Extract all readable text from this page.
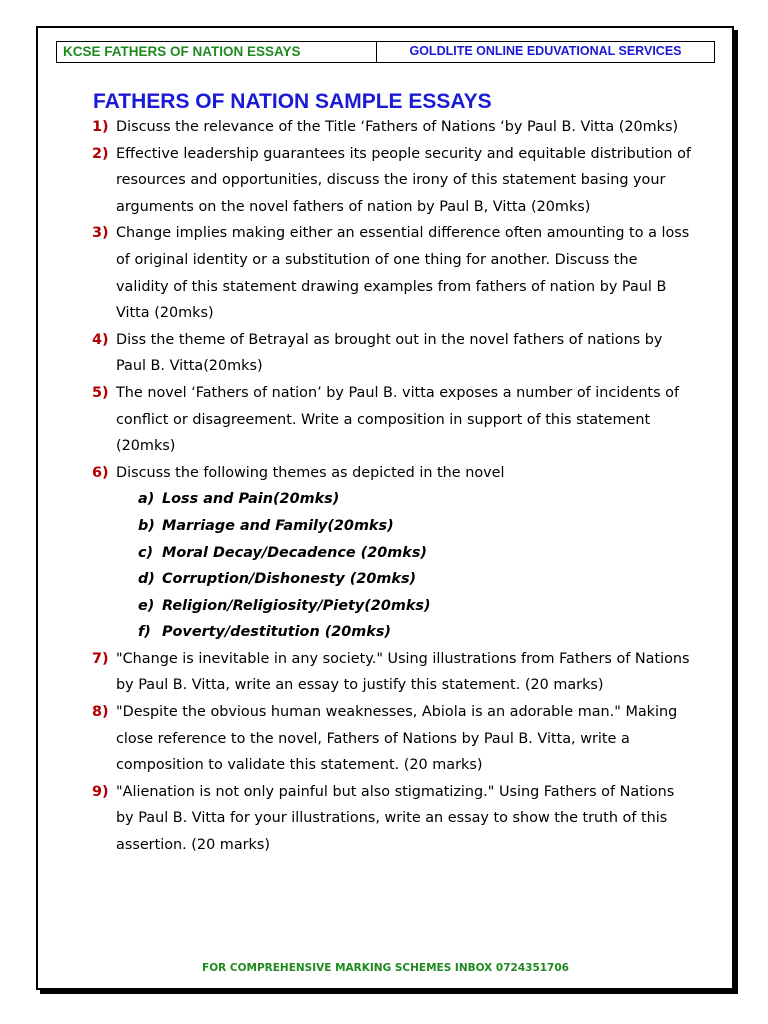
KCSE FATHERS OF NATION ESSAYS	GOLDLITE ONLINE EDUVATIONAL SERVICES
FATHERS OF NATION SAMPLE ESSAYS
1) Discuss the relevance of the Title ‘Fathers of Nations ‘by Paul B. Vitta (20mks)
2) Effective leadership guarantees its people security and equitable distribution of resources and opportunities, discuss the irony of this statement basing your arguments on the novel fathers of nation by Paul B, Vitta (20mks)
3) Change implies making either an essential difference often amounting to a loss of original identity or a substitution of one thing for another. Discuss the validity of this statement drawing examples from fathers of nation by Paul B Vitta (20mks)
4) Diss the theme of Betrayal as brought out in the novel fathers of nations by Paul B. Vitta(20mks)
5) The novel ‘Fathers of nation’ by Paul B. vitta exposes a number of incidents of conflict or disagreement. Write a composition in support of this statement (20mks)
6) Discuss the following themes as depicted in the novel
a) Loss and Pain(20mks)
b) Marriage and Family(20mks)
c) Moral Decay/Decadence (20mks)
d) Corruption/Dishonesty (20mks)
e) Religion/Religiosity/Piety(20mks)
f) Poverty/destitution (20mks)
7) "Change is inevitable in any society." Using illustrations from Fathers of Nations by Paul B. Vitta, write an essay to justify this statement. (20 marks)
8) "Despite the obvious human weaknesses, Abiola is an adorable man." Making close reference to the novel, Fathers of Nations by Paul B. Vitta, write a composition to validate this statement. (20 marks)
9) "Alienation is not only painful but also stigmatizing." Using Fathers of Nations by Paul B. Vitta for your illustrations, write an essay to show the truth of this assertion. (20 marks)
FOR COMPREHENSIVE MARKING SCHEMES INBOX 0724351706
